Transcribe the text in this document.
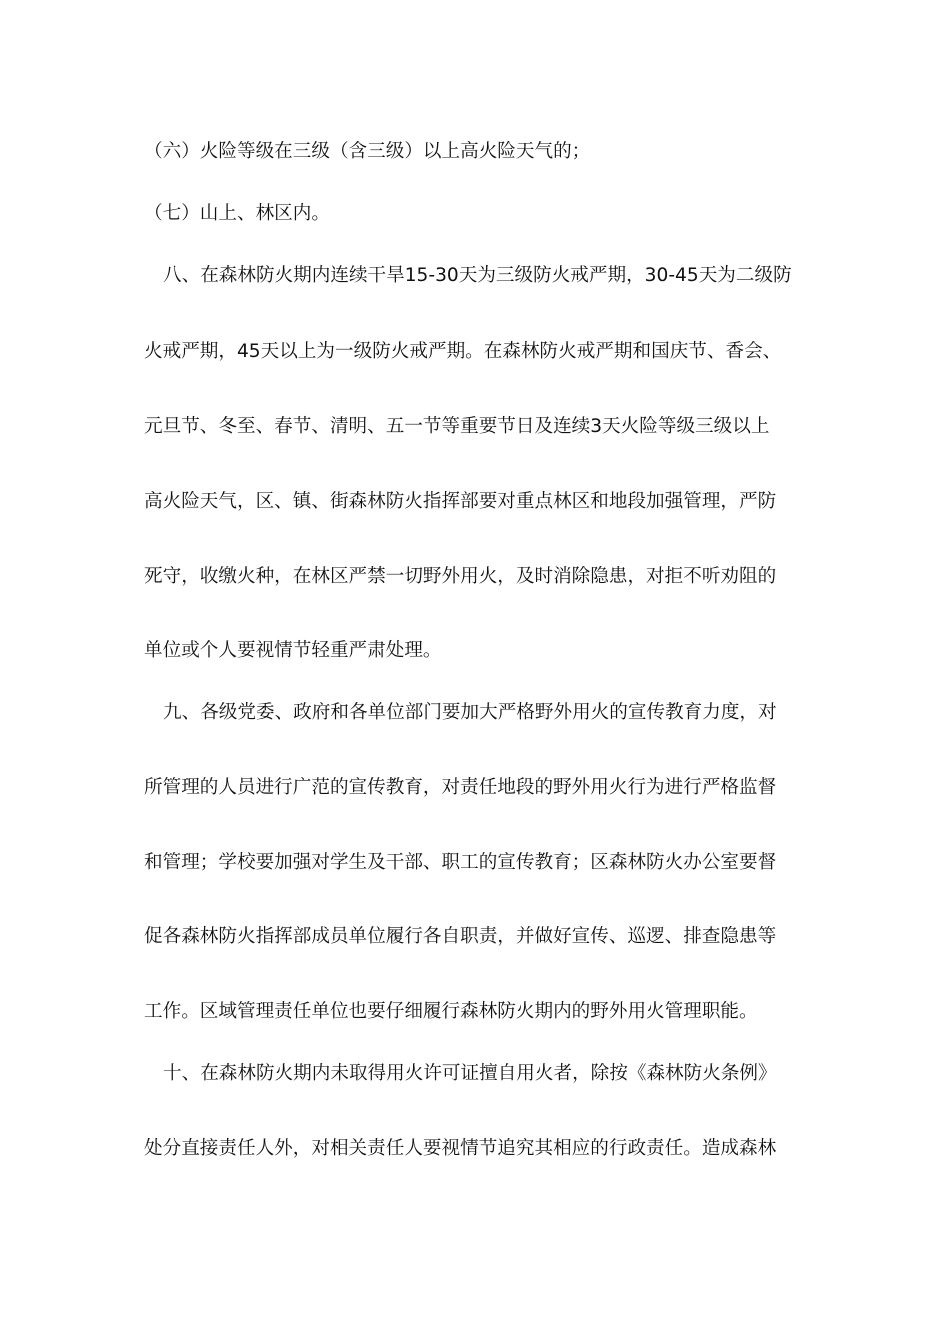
（六）火险等级在三级（含三级）以上高火险天气的；
（七）山上、林区内。
八、在森林防火期内连续干旱15-30天为三级防火戒严期，30-45天为二级防
火戒严期，45天以上为一级防火戒严期。在森林防火戒严期和国庆节、香会、
元旦节、冬至、春节、清明、五一节等重要节日及连续3天火险等级三级以上
高火险天气，区、镇、街森林防火指挥部要对重点林区和地段加强管理，严防
死守，收缴火种，在林区严禁一切野外用火，及时消除隐患，对拒不听劝阻的
单位或个人要视情节轻重严肃处理。
九、各级党委、政府和各单位部门要加大严格野外用火的宣传教育力度，对
所管理的人员进行广范的宣传教育，对责任地段的野外用火行为进行严格监督
和管理；学校要加强对学生及干部、职工的宣传教育；区森林防火办公室要督
促各森林防火指挥部成员单位履行各自职责，并做好宣传、巡逻、排查隐患等
工作。区域管理责任单位也要仔细履行森林防火期内的野外用火管理职能。
十、在森林防火期内未取得用火许可证擅自用火者，除按《森林防火条例》
处分直接责任人外，对相关责任人要视情节追究其相应的行政责任。造成森林
